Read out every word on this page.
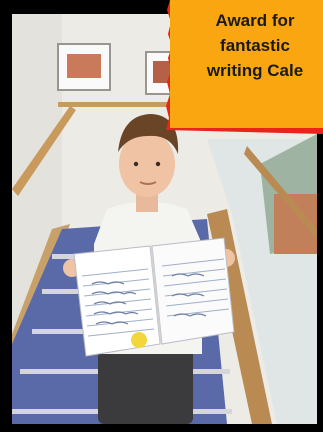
Award for
fantastic
writing Cale
